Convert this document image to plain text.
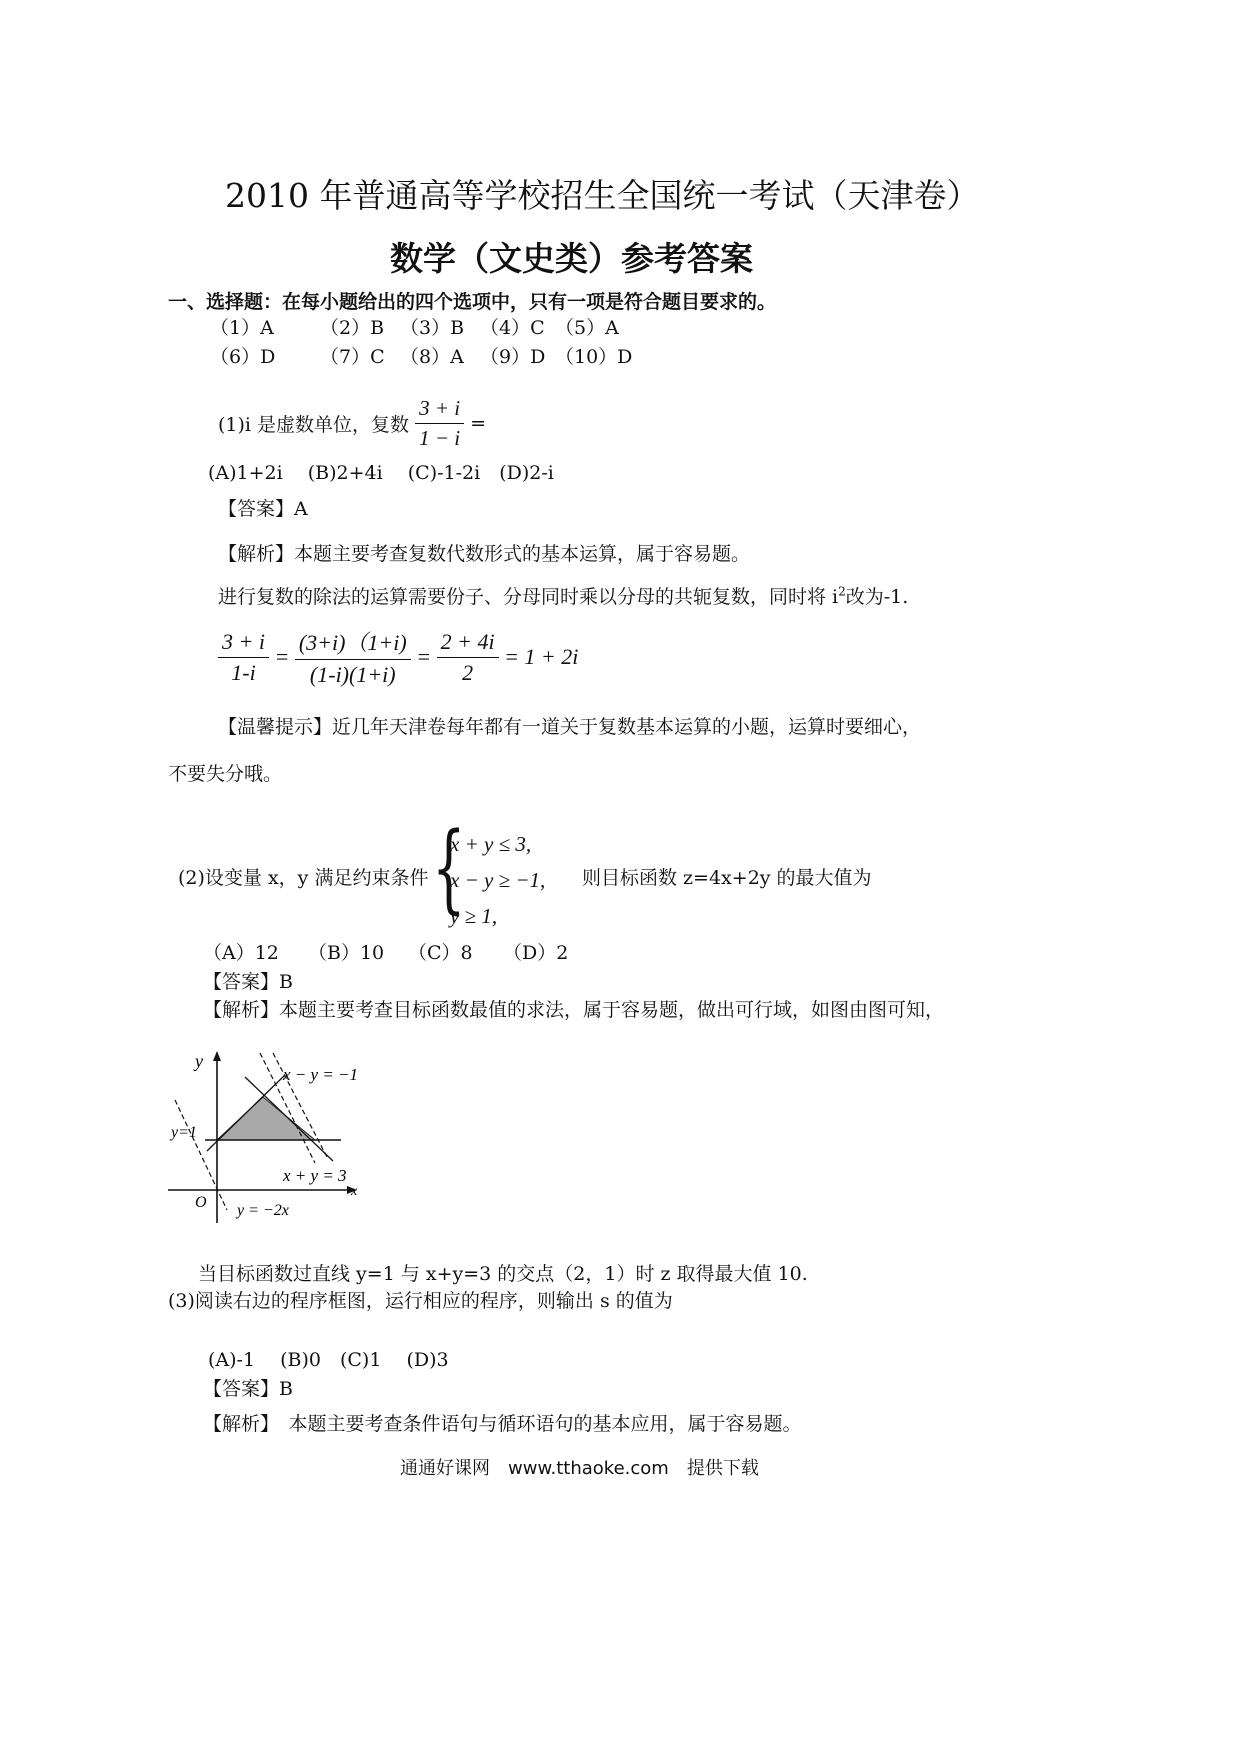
2010 年普通高等学校招生全国统一考试（天津卷）
数学（文史类）参考答案
一、选择题：在每小题给出的四个选项中，只有一项是符合题目要求的。
（1）A （2）B （3）B （4）C （5）A
（6）D （7）C （8）A （9）D （10）D
(1)i 是虚数单位，复数 $\frac{3 + i}{1 - i}$ =
(A)1+2i　 (B)2+4i　 (C)-1-2i　(D)2-i
【答案】A
【解析】本题主要考查复数代数形式的基本运算，属于容易题。
进行复数的除法的运算需要份子、分母同时乘以分母的共轭复数，同时将 $i^2$改为-1.
$\frac{3 + i}{1-i} = \frac{(3+i)(1+i)}{(1-i)(1+i)} = \frac{2 + 4i}{2} = 1 + 2i$
【温馨提示】近几年天津卷每年都有一道关于复数基本运算的小题，运算时要细心，
不要失分哦。
(2)设变量 x，y 满足约束条件 {
x + y ≤ 3,
x − y ≥ −1,
y ≥ 1,
则目标函数 z=4x+2y 的最大值为
（A）12 （B）10 （C）8 （D）2
【答案】B
【解析】本题主要考查目标函数最值的求法，属于容易题，做出可行域，如图由图可知，
y
x
O
y=1
x − y = −1
x + y = 3
y = −2x
当目标函数过直线 y=1 与 x+y=3 的交点（2，1）时 z 取得最大值 10.
(3)阅读右边的程序框图，运行相应的程序，则输出 s 的值为
(A)-1　 (B)0　(C)1　 (D)3
【答案】B
【解析】　本题主要考查条件语句与循环语句的基本应用，属于容易题。
通通好课网　www.tthaoke.com　提供下载
